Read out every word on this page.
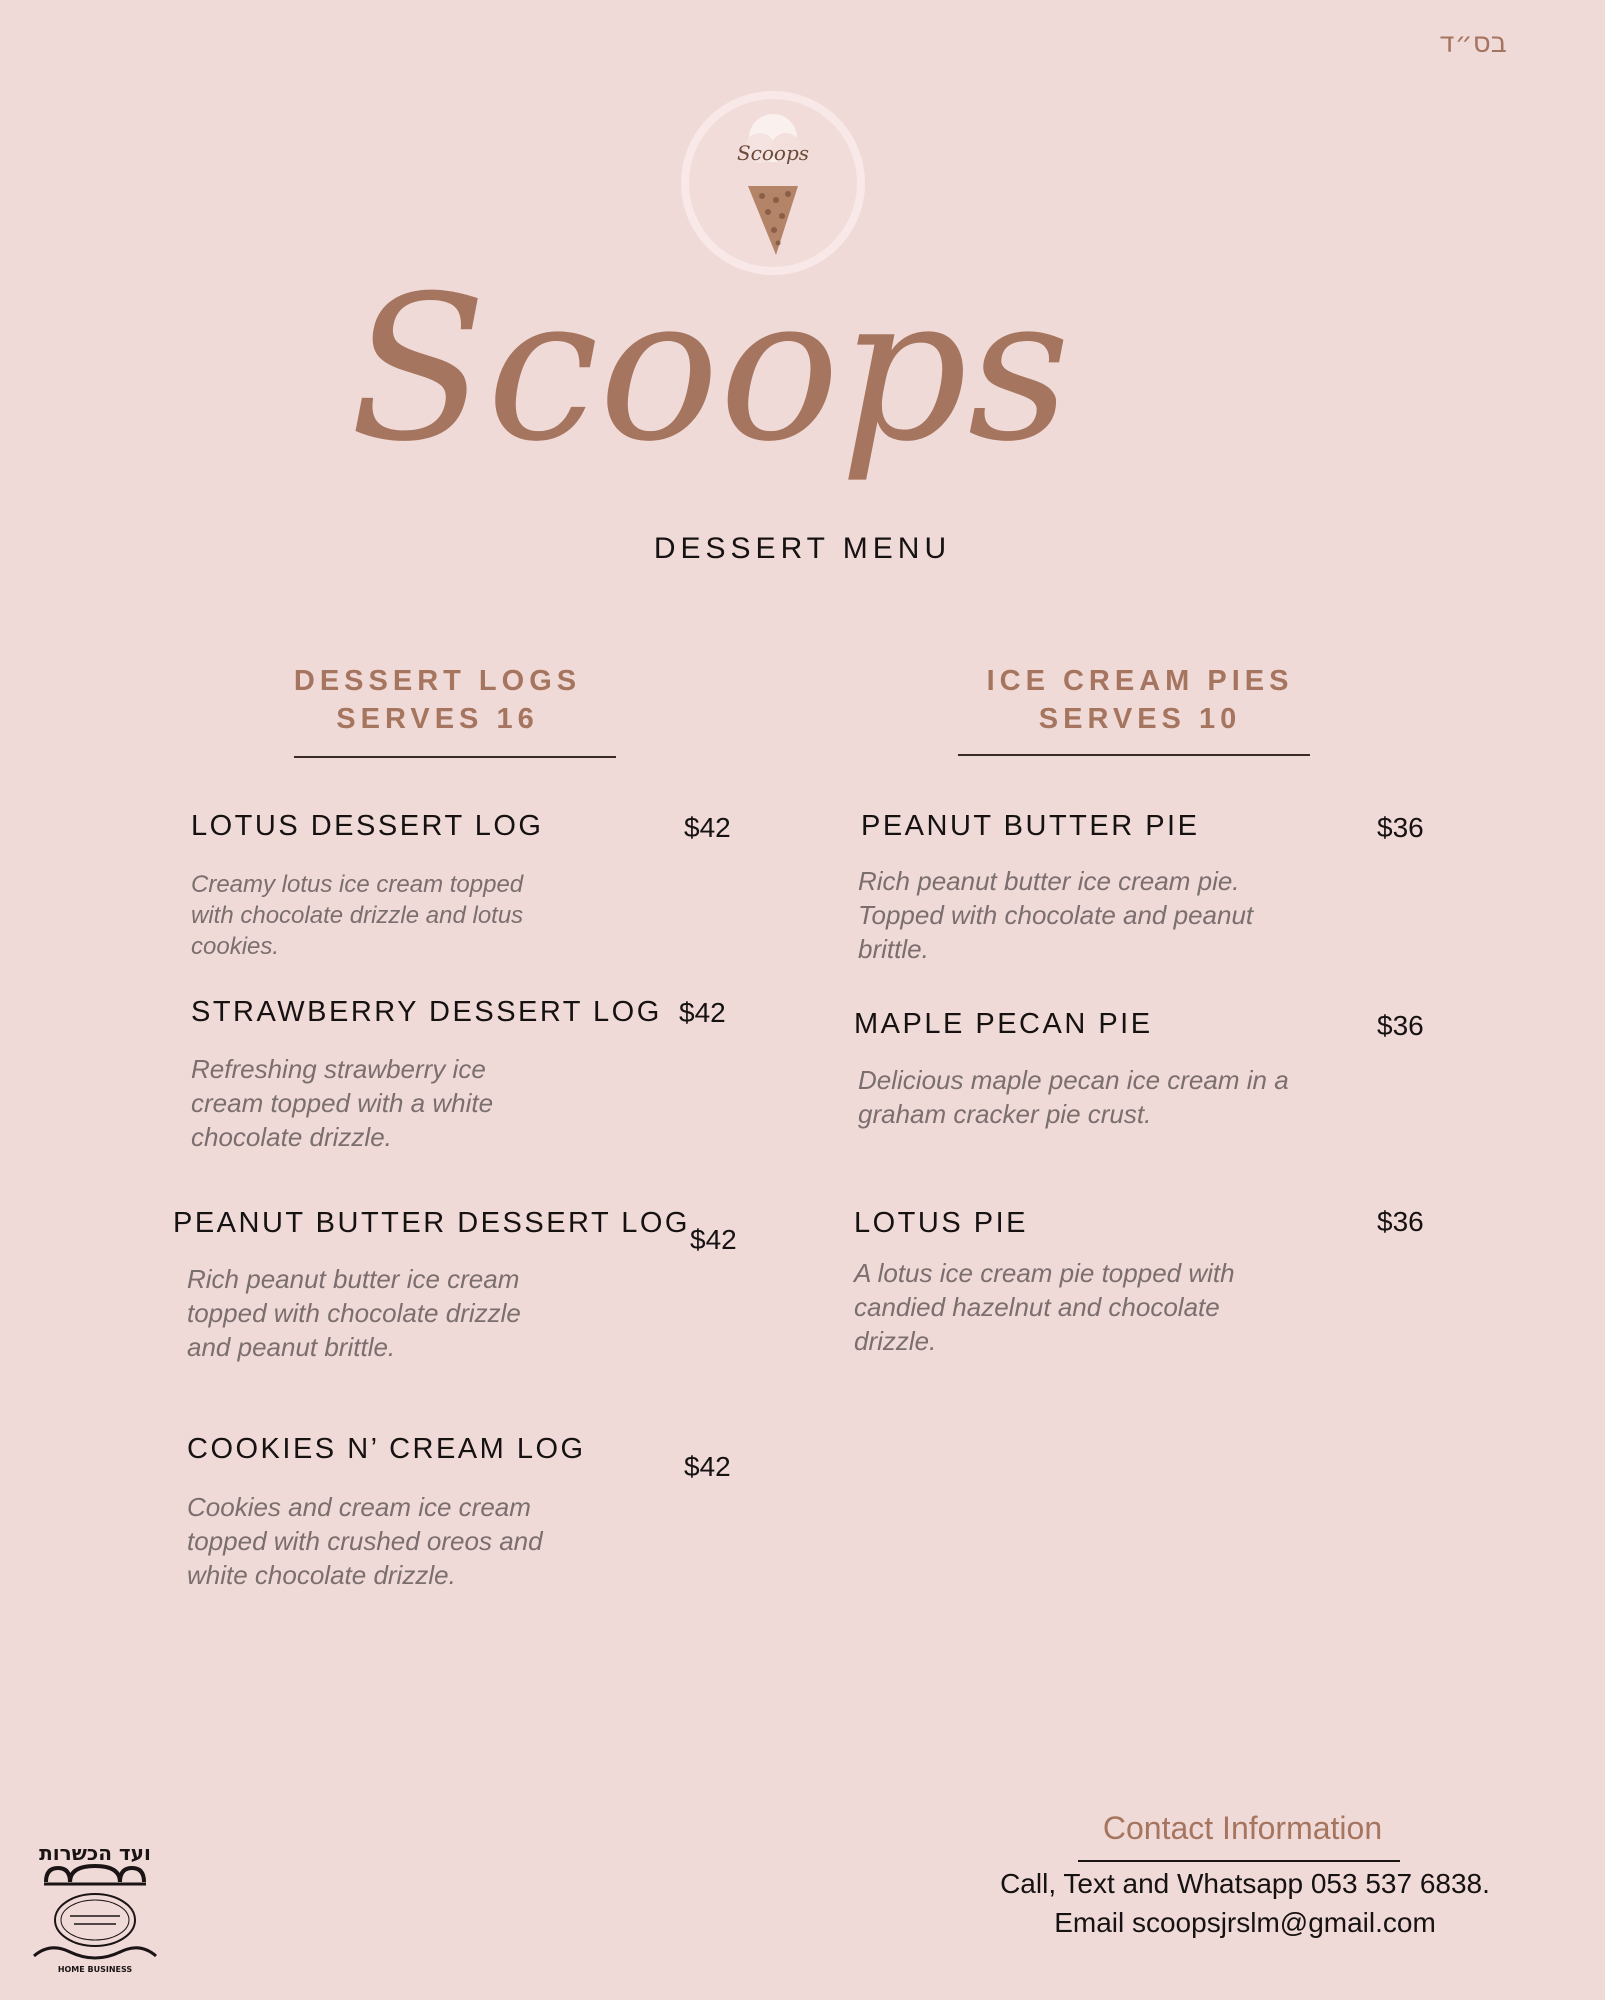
בס״ד
Scoops
Scoops
DESSERT MENU
DESSERT LOGS
SERVES 16
LOTUS DESSERT LOG	$42
Creamy lotus ice cream topped
with chocolate drizzle and lotus
cookies.
STRAWBERRY DESSERT LOG $42
Refreshing strawberry ice
cream topped with a white
chocolate drizzle.
PEANUT BUTTER DESSERT LOG
$42
Rich peanut butter ice cream
topped with chocolate drizzle
and peanut brittle.
COOKIES N’ CREAM LOG
$42
Cookies and cream ice cream
topped with crushed oreos and
white chocolate drizzle.
ICE CREAM PIES
SERVES 10
PEANUT BUTTER PIE	$36
Rich peanut butter ice cream pie.
Topped with chocolate and peanut
brittle.
MAPLE PECAN PIE	$36
Delicious maple pecan ice cream in a
graham cracker pie crust.
LOTUS PIE	$36
A lotus ice cream pie topped with
candied hazelnut and chocolate
drizzle.
ועד הכשרות
HOME BUSINESS
Contact Information
Call, Text and Whatsapp 053 537 6838.
Email scoopsjrslm@gmail.com
